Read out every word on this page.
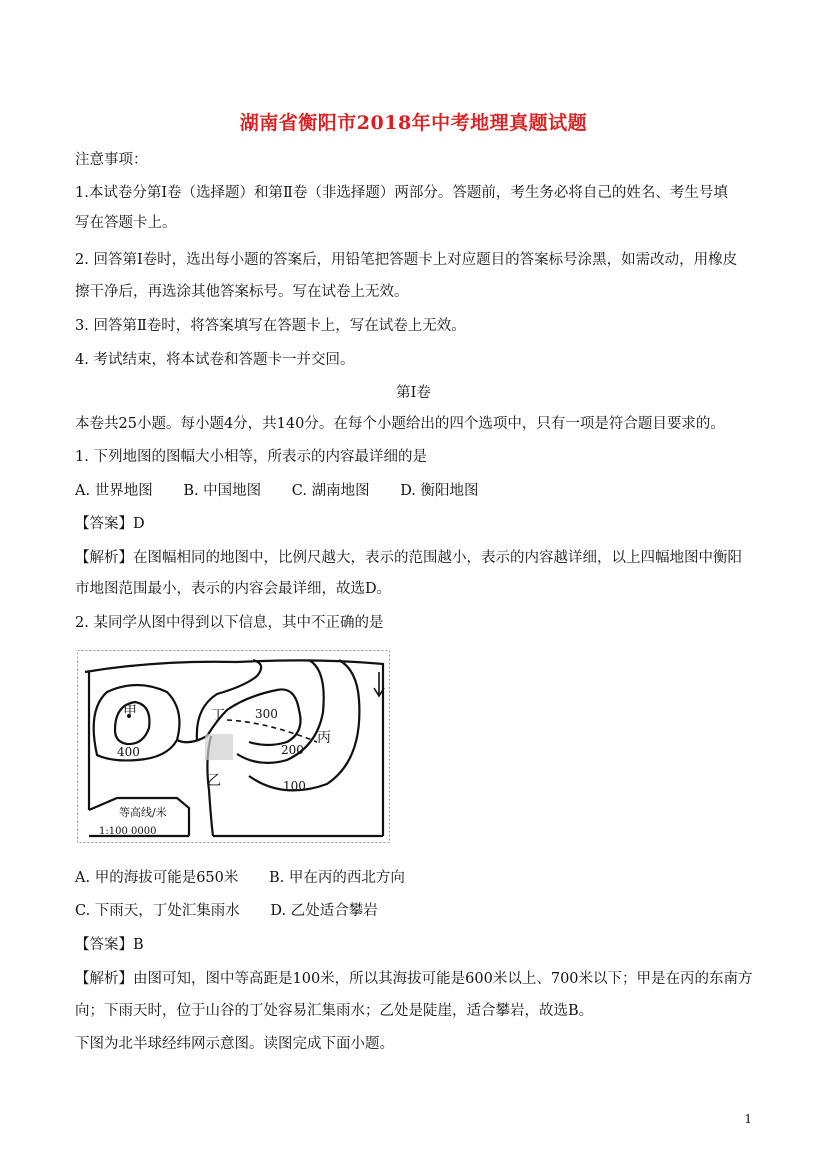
湖南省衡阳市2018年中考地理真题试题
注意事项：
1.本试卷分第Ⅰ卷（选择题）和第Ⅱ卷（非选择题）两部分。答题前，考生务必将自己的姓名、考生号填
写在答题卡上。
2. 回答第Ⅰ卷时，选出每小题的答案后，用铅笔把答题卡上对应题目的答案标号涂黑，如需改动，用橡皮
擦干净后，再选涂其他答案标号。写在试卷上无效。
3. 回答第Ⅱ卷时，将答案填写在答题卡上，写在试卷上无效。
4. 考试结束，将本试卷和答题卡一并交回。
第Ⅰ卷
本卷共25小题。每小题4分，共140分。在每个小题给出的四个选项中，只有一项是符合题目要求的。
1. 下列地图的图幅大小相等，所表示的内容最详细的是
A. 世界地图 B. 中国地图 C. 湖南地图 D. 衡阳地图
【答案】D
【解析】在图幅相同的地图中，比例尺越大，表示的范围越小，表示的内容越详细，以上四幅地图中衡阳
市地图范围最小，表示的内容会最详细，故选D。
2. 某同学从图中得到以下信息，其中不正确的是
甲	丁
丙
乙
400
300
200
100
等高线/米
1:100 0000
A. 甲的海拔可能是650米 B. 甲在丙的西北方向
C. 下雨天，丁处汇集雨水 D. 乙处适合攀岩
【答案】B
【解析】由图可知，图中等高距是100米，所以其海拔可能是600米以上、700米以下；甲是在丙的东南方
向；下雨天时，位于山谷的丁处容易汇集雨水；乙处是陡崖，适合攀岩，故选B。
下图为北半球经纬网示意图。读图完成下面小题。
1
